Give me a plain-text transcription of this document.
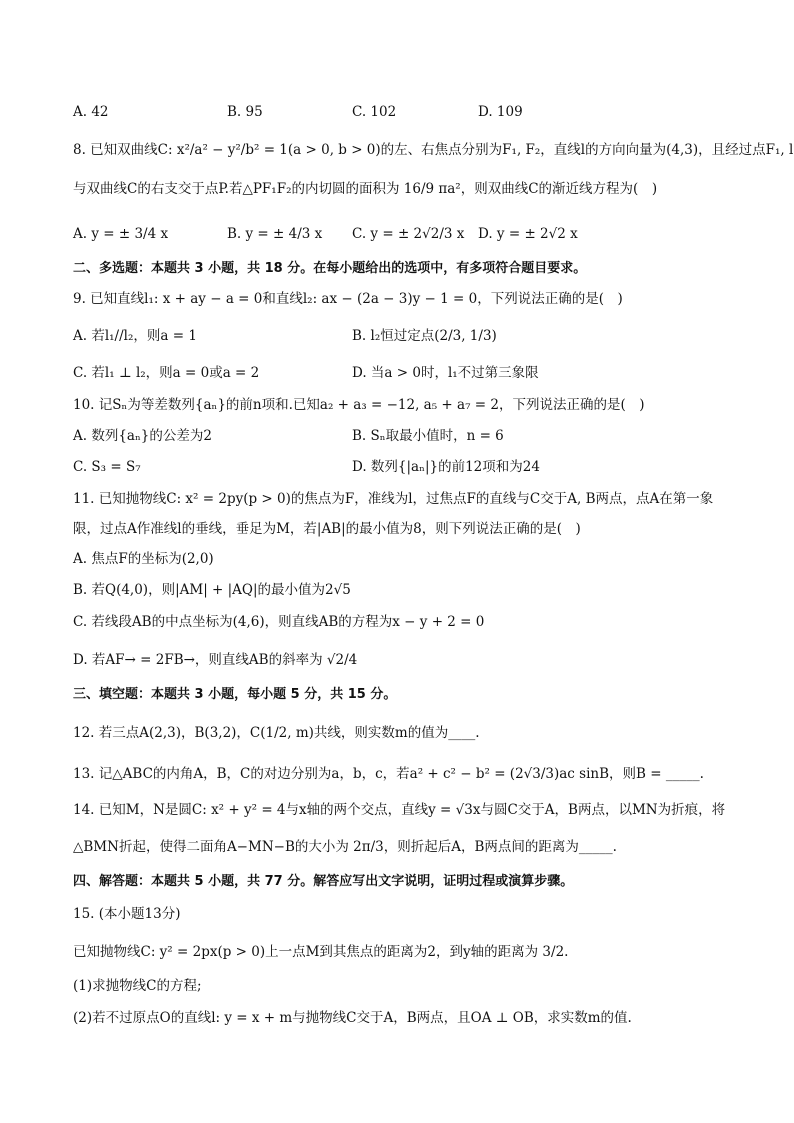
A. 42	B. 95	C. 102	D. 109
8. 已知双曲线C: x²/a² − y²/b² = 1(a > 0, b > 0)的左、右焦点分别为F₁, F₂，直线l的方向向量为(4,3)，且经过点F₁, l
与双曲线C的右支交于点P.若△PF₁F₂的内切圆的面积为 16/9 πa²，则双曲线C的渐近线方程为(　)
A. y = ± 3/4 x	B. y = ± 4/3 x C. y = ± 2√2/3 x D. y = ± 2√2 x
二、多选题：本题共 3 小题，共 18 分。在每小题给出的选项中，有多项符合题目要求。
9. 已知直线l₁: x + ay − a = 0和直线l₂: ax − (2a − 3)y − 1 = 0，下列说法正确的是(　)
A. 若l₁//l₂，则a = 1	B. l₂恒过定点(2/3, 1/3)
C. 若l₁ ⊥ l₂，则a = 0或a = 2	D. 当a > 0时，l₁不过第三象限
10. 记Sₙ为等差数列{aₙ}的前n项和.已知a₂ + a₃ = −12, a₅ + a₇ = 2，下列说法正确的是(　)
A. 数列{aₙ}的公差为2	B. Sₙ取最小值时，n = 6
C. S₃ = S₇	D. 数列{|aₙ|}的前12项和为24
11. 已知抛物线C: x² = 2py(p > 0)的焦点为F，准线为l，过焦点F的直线与C交于A, B两点，点A在第一象
限，过点A作准线l的垂线，垂足为M，若|AB|的最小值为8，则下列说法正确的是(　)
A. 焦点F的坐标为(2,0)
B. 若Q(4,0)，则|AM| + |AQ|的最小值为2√5
C. 若线段AB的中点坐标为(4,6)，则直线AB的方程为x − y + 2 = 0
D. 若AF→ = 2FB→，则直线AB的斜率为 √2/4
三、填空题：本题共 3 小题，每小题 5 分，共 15 分。
12. 若三点A(2,3)，B(3,2)，C(1/2, m)共线，则实数m的值为____.
13. 记△ABC的内角A，B，C的对边分别为a，b，c，若a² + c² − b² = (2√3/3)ac sinB，则B = _____.
14. 已知M，N是圆C: x² + y² = 4与x轴的两个交点，直线y = √3x与圆C交于A，B两点，以MN为折痕，将
△BMN折起，使得二面角A−MN−B的大小为 2π/3，则折起后A，B两点间的距离为_____.
四、解答题：本题共 5 小题，共 77 分。解答应写出文字说明，证明过程或演算步骤。
15. (本小题13分)
已知抛物线C: y² = 2px(p > 0)上一点M到其焦点的距离为2，到y轴的距离为 3/2.
(1)求抛物线C的方程;
(2)若不过原点O的直线l: y = x + m与抛物线C交于A，B两点，且OA ⊥ OB，求实数m的值.
